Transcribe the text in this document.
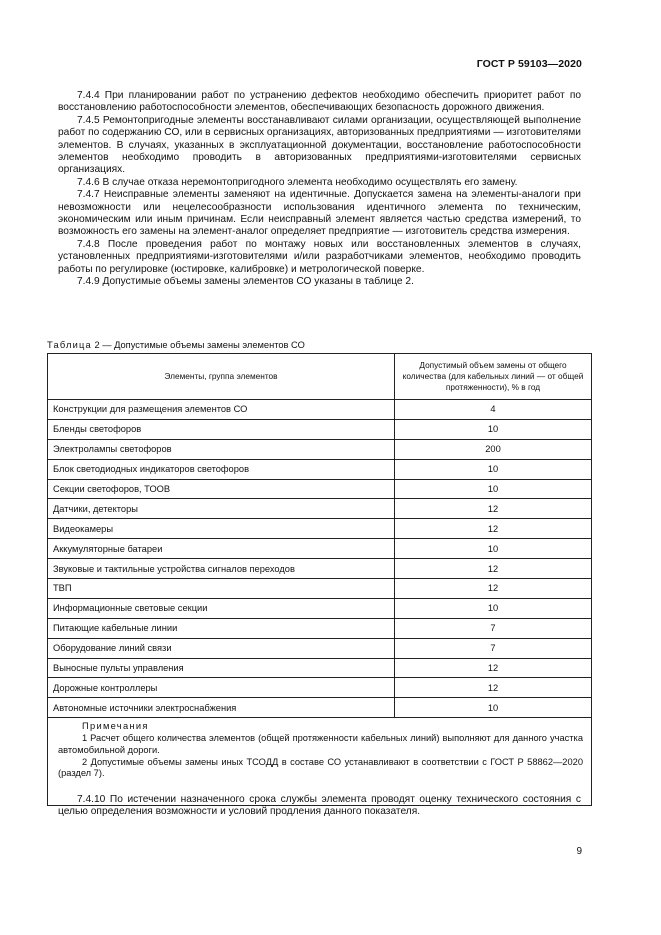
ГОСТ Р 59103—2020

7.4.4 При планировании работ по устранению дефектов необходимо обеспечить приоритет работ по восстановлению работоспособности элементов, обеспечивающих безопасность дорожного движения.

7.4.5 Ремонтопригодные элементы восстанавливают силами организации, осуществляющей выполнение работ по содержанию СО, или в сервисных организациях, авторизованных предприятиями — изготовителями элементов. В случаях, указанных в эксплуатационной документации, восстановление работоспособности элементов необходимо проводить в авторизованных предприятиями-изготовителями сервисных организациях.

7.4.6 В случае отказа неремонтопригодного элемента необходимо осуществлять его замену.

7.4.7 Неисправные элементы заменяют на идентичные. Допускается замена на элементы-аналоги при невозможности или нецелесообразности использования идентичного элемента по техническим, экономическим или иным причинам. Если неисправный элемент является частью средства измерений, то возможность его замены на элемент-аналог определяет предприятие — изготовитель средства измерения.

7.4.8 После проведения работ по монтажу новых или восстановленных элементов в случаях, установленных предприятиями-изготовителями и/или разработчиками элементов, необходимо проводить работы по регулировке (юстировке, калибровке) и метрологической поверке.

7.4.9 Допустимые объемы замены элементов СО указаны в таблице 2.

Таблица 2 — Допустимые объемы замены элементов СО
Элементы, группа элементов	Допустимый объем замены от общего количества (для кабельных линий — от общей протяженности), % в год
Конструкции для размещения элементов СО	4
Бленды светофоров	10
Электролампы светофоров	200
Блок светодиодных индикаторов светофоров	10
Секции светофоров, ТООВ	10
Датчики, детекторы	12
Видеокамеры	12
Аккумуляторные батареи	10
Звуковые и тактильные устройства сигналов переходов	12
ТВП	12
Информационные световые секции	10
Питающие кабельные линии	7
Оборудование линий связи	7
Выносные пульты управления	12
Дорожные контроллеры	12
Автономные источники электроснабжения	10

Примечания
1 Расчет общего количества элементов (общей протяженности кабельных линий) выполняют для данного участка автомобильной дороги.
2 Допустимые объемы замены иных ТСОДД в составе СО устанавливают в соответствии с ГОСТ Р 58862—2020 (раздел 7).	

7.4.10 По истечении назначенного срока службы элемента проводят оценку технического состояния с целью определения возможности и условий продления данного показателя.

9
